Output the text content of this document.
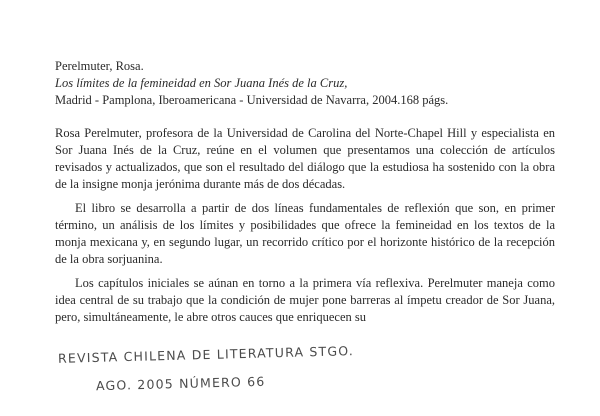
Perelmuter, Rosa.
Los límites de la femineidad en Sor Juana Inés de la Cruz,
Madrid - Pamplona, Iberoamericana - Universidad de Navarra, 2004.168 págs.

Rosa Perelmuter, profesora de la Universidad de Carolina del Norte-Chapel Hill y especialista en Sor Juana Inés de la Cruz, reúne en el volumen que presentamos una colección de artículos revisados y actualizados, que son el resultado del diálogo que la estudiosa ha sostenido con la obra de la insigne monja jerónima durante más de dos décadas.

El libro se desarrolla a partir de dos líneas fundamentales de reflexión que son, en primer término, un análisis de los límites y posibilidades que ofrece la femineidad en los textos de la monja mexicana y, en segundo lugar, un recorrido crítico por el horizonte histórico de la recepción de la obra sorjuanina.

Los capítulos iniciales se aúnan en torno a la primera vía reflexiva. Perelmuter maneja como idea central de su trabajo que la condición de mujer pone barreras al ímpetu creador de Sor Juana, pero, simultáneamente, le abre otros cauces que enriquecen su

REVISTA CHILENA DE LITERATURA STGO.
AGO. 2005 NÚMERO 66
